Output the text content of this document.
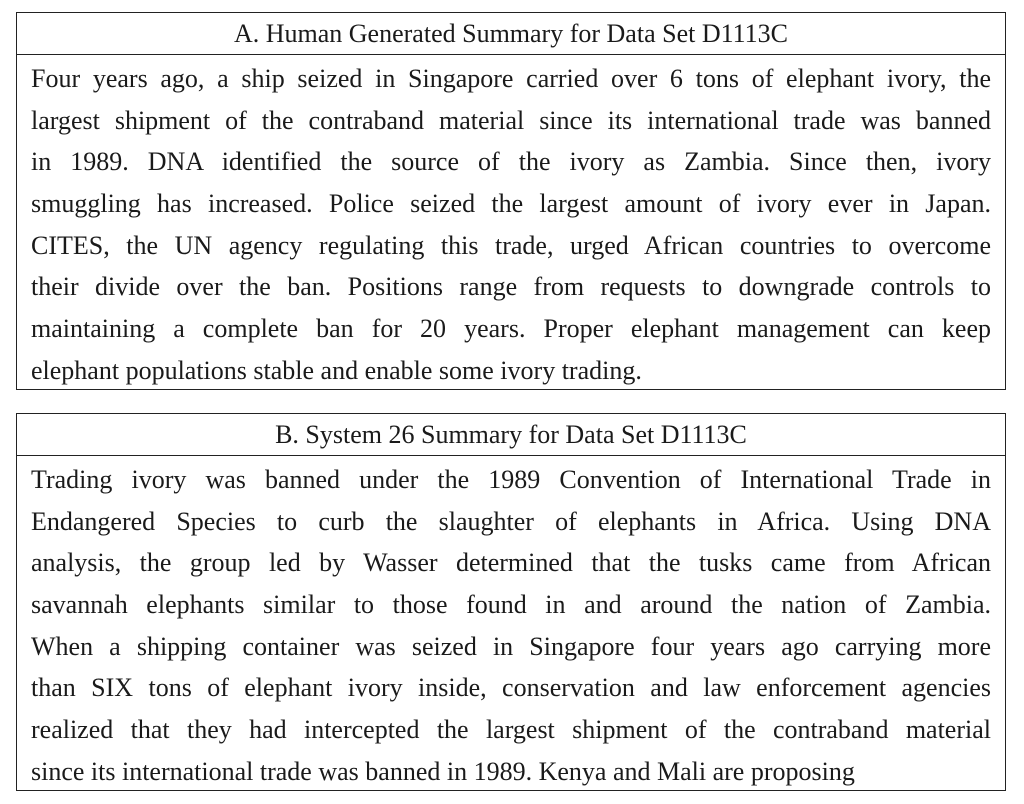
A. Human Generated Summary for Data Set D1113C
Four years ago, a ship seized in Singapore carried over 6 tons of elephant ivory, the
largest shipment of the contraband material since its international trade was banned
in 1989. DNA identified the source of the ivory as Zambia. Since then, ivory
smuggling has increased. Police seized the largest amount of ivory ever in Japan.
CITES, the UN agency regulating this trade, urged African countries to overcome
their divide over the ban. Positions range from requests to downgrade controls to
maintaining a complete ban for 20 years. Proper elephant management can keep
elephant populations stable and enable some ivory trading.
B. System 26 Summary for Data Set D1113C
Trading ivory was banned under the 1989 Convention of International Trade in
Endangered Species to curb the slaughter of elephants in Africa. Using DNA
analysis, the group led by Wasser determined that the tusks came from African
savannah elephants similar to those found in and around the nation of Zambia.
When a shipping container was seized in Singapore four years ago carrying more
than SIX tons of elephant ivory inside, conservation and law enforcement agencies
realized that they had intercepted the largest shipment of the contraband material
since its international trade was banned in 1989. Kenya and Mali are proposing
